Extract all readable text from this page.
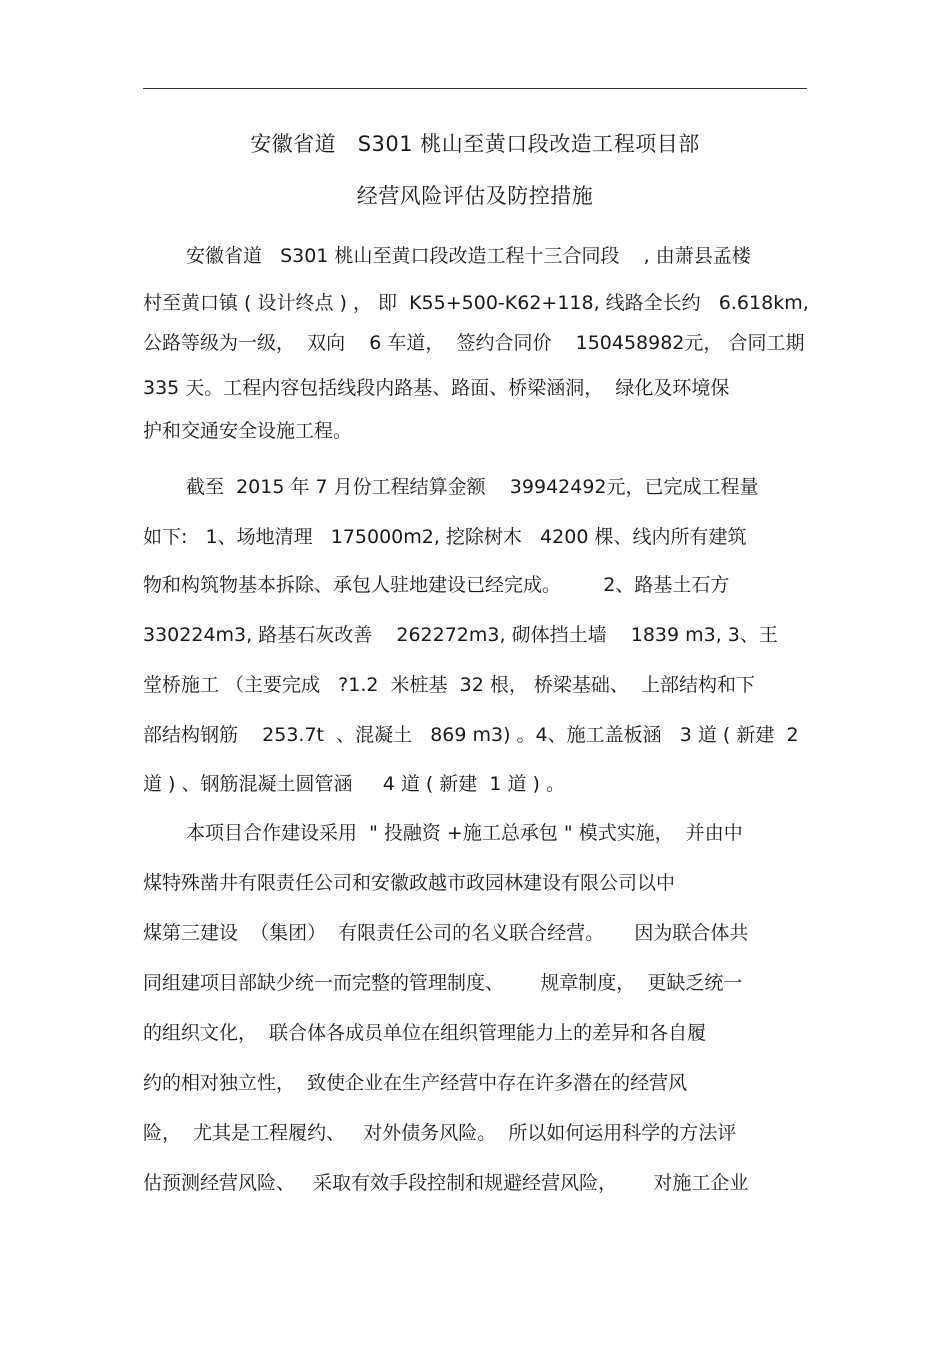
安徽省道   S301 桃山至黄口段改造工程项目部
经营风险评估及防控措施
安徽省道   S301 桃山至黄口段改造工程十三合同段    , 由萧县孟楼
村至黄口镇 ( 设计终点 ) ， 即  K55+500-K62+118, 线路全长约   6.618km,
公路等级为一级，  双向    6 车道，  签约合同价    150458982元， 合同工期
335 天。工程内容包括线段内路基、路面、桥梁涵洞，  绿化及环境保
护和交通安全设施工程。
截至  2015 年 7 月份工程结算金额    39942492元，已完成工程量
如下:   1、场地清理   175000m2, 挖除树木   4200 棵、线内所有建筑
物和构筑物基本拆除、承包人驻地建设已经完成。       2、路基土石方
330224m3, 路基石灰改善    262272m3, 砌体挡土墙    1839 m3, 3、王
堂桥施工 （主要完成   ?1.2  米桩基  32 根， 桥梁基础、  上部结构和下
部结构钢筋    253.7t  、混凝土   869 m3) 。4、施工盖板涵   3 道 ( 新建  2
道 ) 、钢筋混凝土圆管涵     4 道 ( 新建  1 道 ) 。
本项目合作建设采用  " 投融资 +施工总承包 " 模式实施，  并由中
煤特殊凿井有限责任公司和安徽政越市政园林建设有限公司以中
煤第三建设  （集团）  有限责任公司的名义联合经营。     因为联合体共
同组建项目部缺少统一而完整的管理制度、      规章制度，  更缺乏统一
的组织文化，  联合体各成员单位在组织管理能力上的差异和各自履
约的相对独立性，  致使企业在生产经营中存在许多潜在的经营风
险，  尤其是工程履约、   对外债务风险。  所以如何运用科学的方法评
估预测经营风险、   采取有效手段控制和规避经营风险，      对施工企业
